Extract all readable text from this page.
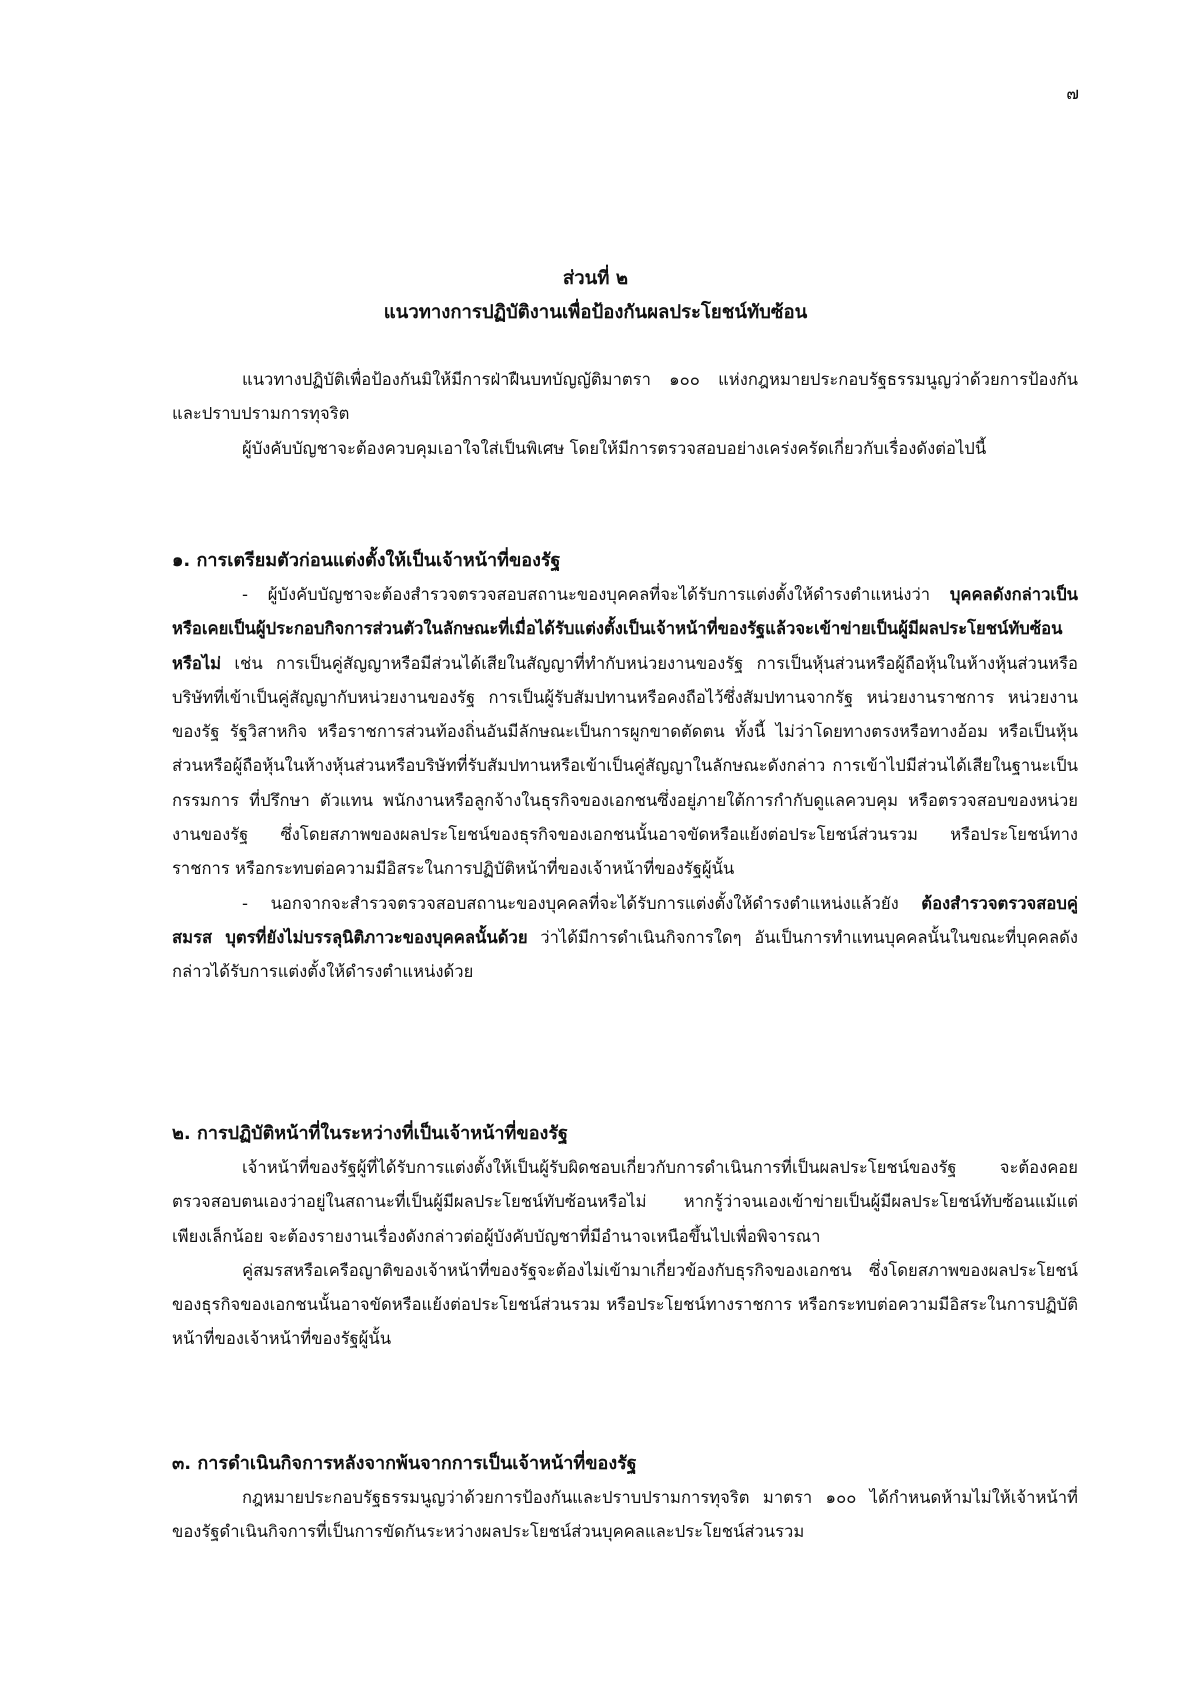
๗
ส่วนที่ ๒
แนวทางการปฏิบัติงานเพื่อป้องกันผลประโยชน์ทับซ้อน

แนวทางปฏิบัติเพื่อป้องกันมิให้มีการฝ่าฝืนบทบัญญัติมาตรา ๑๐๐ แห่งกฎหมายประกอบรัฐธรรมนูญว่าด้วยการป้องกันและปราบปรามการทุจริต

ผู้บังคับบัญชาจะต้องควบคุมเอาใจใส่เป็นพิเศษ โดยให้มีการตรวจสอบอย่างเคร่งครัดเกี่ยวกับเรื่องดังต่อไปนี้

๑. การเตรียมตัวก่อนแต่งตั้งให้เป็นเจ้าหน้าที่ของรัฐ

- ผู้บังคับบัญชาจะต้องสำรวจตรวจสอบสถานะของบุคคลที่จะได้รับการแต่งตั้งให้ดำรงตำแหน่งว่า บุคคลดังกล่าวเป็นหรือเคยเป็นผู้ประกอบกิจการส่วนตัวในลักษณะที่เมื่อได้รับแต่งตั้งเป็นเจ้าหน้าที่ของรัฐแล้วจะเข้าข่ายเป็นผู้มีผลประโยชน์ทับซ้อนหรือไม่ เช่น การเป็นคู่สัญญาหรือมีส่วนได้เสียในสัญญาที่ทำกับหน่วยงานของรัฐ การเป็นหุ้นส่วนหรือผู้ถือหุ้นในห้างหุ้นส่วนหรือบริษัทที่เข้าเป็นคู่สัญญากับหน่วยงานของรัฐ การเป็นผู้รับสัมปทานหรือคงถือไว้ซึ่งสัมปทานจากรัฐ หน่วยงานราชการ หน่วยงานของรัฐ รัฐวิสาหกิจ หรือราชการส่วนท้องถิ่นอันมีลักษณะเป็นการผูกขาดตัดตน ทั้งนี้ ไม่ว่าโดยทางตรงหรือทางอ้อม หรือเป็นหุ้นส่วนหรือผู้ถือหุ้นในห้างหุ้นส่วนหรือบริษัทที่รับสัมปทานหรือเข้าเป็นคู่สัญญาในลักษณะดังกล่าว การเข้าไปมีส่วนได้เสียในฐานะเป็นกรรมการ ที่ปรึกษา ตัวแทน พนักงานหรือลูกจ้างในธุรกิจของเอกชนซึ่งอยู่ภายใต้การกำกับดูแลควบคุม หรือตรวจสอบของหน่วยงานของรัฐ ซึ่งโดยสภาพของผลประโยชน์ของธุรกิจของเอกชนนั้นอาจขัดหรือแย้งต่อประโยชน์ส่วนรวม หรือประโยชน์ทางราชการ หรือกระทบต่อความมีอิสระในการปฏิบัติหน้าที่ของเจ้าหน้าที่ของรัฐผู้นั้น

- นอกจากจะสำรวจตรวจสอบสถานะของบุคคลที่จะได้รับการแต่งตั้งให้ดำรงตำแหน่งแล้วยัง ต้องสำรวจตรวจสอบคู่สมรส บุตรที่ยังไม่บรรลุนิติภาวะของบุคคลนั้นด้วย ว่าได้มีการดำเนินกิจการใดๆ อันเป็นการทำแทนบุคคลนั้นในขณะที่บุคคลดังกล่าวได้รับการแต่งตั้งให้ดำรงตำแหน่งด้วย

๒. การปฏิบัติหน้าที่ในระหว่างที่เป็นเจ้าหน้าที่ของรัฐ

เจ้าหน้าที่ของรัฐผู้ที่ได้รับการแต่งตั้งให้เป็นผู้รับผิดชอบเกี่ยวกับการดำเนินการที่เป็นผลประโยชน์ของรัฐ จะต้องคอยตรวจสอบตนเองว่าอยู่ในสถานะที่เป็นผู้มีผลประโยชน์ทับซ้อนหรือไม่ หากรู้ว่าจนเองเข้าข่ายเป็นผู้มีผลประโยชน์ทับซ้อนแม้แต่เพียงเล็กน้อย จะต้องรายงานเรื่องดังกล่าวต่อผู้บังคับบัญชาที่มีอำนาจเหนือขึ้นไปเพื่อพิจารณา

คู่สมรสหรือเครือญาติของเจ้าหน้าที่ของรัฐจะต้องไม่เข้ามาเกี่ยวข้องกับธุรกิจของเอกชน ซึ่งโดยสภาพของผลประโยชน์ของธุรกิจของเอกชนนั้นอาจขัดหรือแย้งต่อประโยชน์ส่วนรวม หรือประโยชน์ทางราชการ หรือกระทบต่อความมีอิสระในการปฏิบัติหน้าที่ของเจ้าหน้าที่ของรัฐผู้นั้น

๓. การดำเนินกิจการหลังจากพ้นจากการเป็นเจ้าหน้าที่ของรัฐ

กฎหมายประกอบรัฐธรรมนูญว่าด้วยการป้องกันและปราบปรามการทุจริต มาตรา ๑๐๐ ได้กำหนดห้ามไม่ให้เจ้าหน้าที่ของรัฐดำเนินกิจการที่เป็นการขัดกันระหว่างผลประโยชน์ส่วนบุคคลและประโยชน์ส่วนรวม
